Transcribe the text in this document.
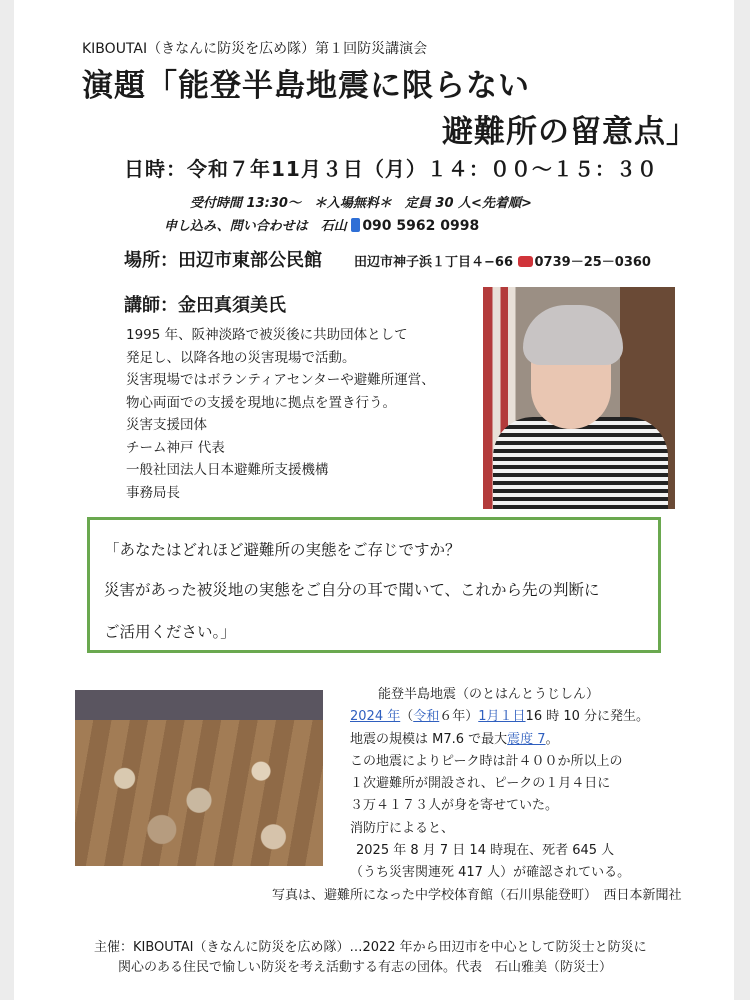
KIBOUTAI（きなんに防災を広め隊）第１回防災講演会
演題「能登半島地震に限らない
避難所の留意点」
日時：令和７年11月３日（月）１４：００～１５：３０
受付時間 13:30～　＊入場無料＊　定員 30 人<先着順>
申し込み、問い合わせは　石山 090 5962 0998
場所：田辺市東部公民館 田辺市神子浜１丁目４−66 0739－25－0360
講師：金田真須美氏
1995 年、阪神淡路で被災後に共助団体として
発足し、以降各地の災害現場で活動。
災害現場ではボランティアセンターや避難所運営、
物心両面での支援を現地に拠点を置き行う。
災害支援団体
チーム神戸 代表
一般社団法人日本避難所支援機構
事務局長
「あなたはどれほど避難所の実態をご存じですか？
災害があった被災地の実態をご自分の耳で聞いて、これから先の判断に
ご活用ください。」
能登半島地震（のとはんとうじしん）
2024 年（令和６年）1月１日16 時 10 分に発生。
地震の規模は M7.6 で最大震度 7。
この地震によりピーク時は計４００か所以上の
１次避難所が開設され、ピークの１月４日に
３万４１７３人が身を寄せていた。
消防庁によると、
2025 年 8 月 7 日 14 時現在、死者 645 人
（うち災害関連死 417 人）が確認されている。
写真は、避難所になった中学校体育館（石川県能登町）　西日本新聞社
主催：KIBOUTAI（きなんに防災を広め隊）…2022 年から田辺市を中心として防災士と防災に
関心のある住民で愉しい防災を考え活動する有志の団体。代表　石山雅美（防災士）
